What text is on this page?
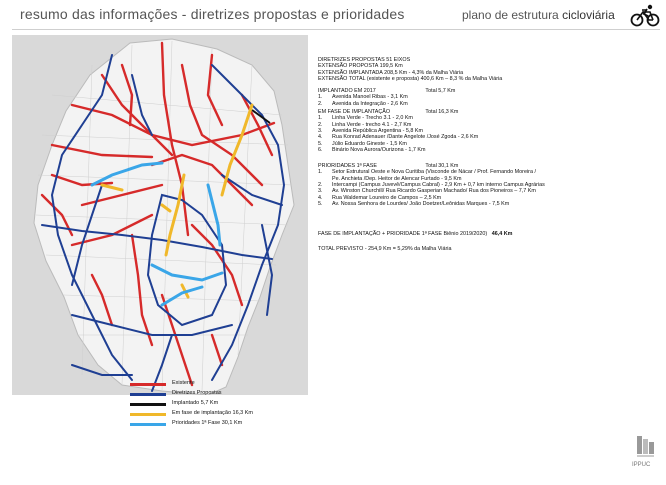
resumo das informações - diretrizes propostas e prioridades	plano de estrutura cicloviária
DIRETRIZES PROPOSTAS 51 EIXOS
EXTENSÃO PROPOSTA 199,5 Km
EXTENSÃO IMPLANTADA 208,5 Km - 4,3% da Malha Viária
EXTENSÃO TOTAL (existente e proposta) 400,6 Km – 8,3 % da Malha Viária
IMPLANTADO EM 2017	Total 5,7 Km
1. Avenida Manoel Ribas - 3,1 Km
2. Avenida da Integração - 2,6 Km
EM FASE DE IMPLANTAÇÃO	Total 16,3 Km
1. Linha Verde - Trecho 3.1 - 2,0 Km
2. Linha Verde - trecho 4.1 - 2,7 Km
3. Avenida República Argentina - 5,8 Km
4. Rua Konrad Adenauer /Dante Angelote /José Zgoda - 2,6 Km
5. Júlio Eduardo Gineste - 1,5 Km
6. Binário Nova Aurora/Ourizona - 1,7 Km
PRIORIDADES 1ª FASE	Total 30,1 Km
1. Setor Estrutural Oeste e Nova Curitiba (Visconde de Nácar / Prof. Fernando Moreira /
Pe. Anchieta /Dep. Heitor de Alencar Furtado - 9,5 Km
2. Intercampi (Campus Juvevê/Campus Cabral) - 2,9 Km + 0,7 km interno Campus Agrárias
3. Av. Winston Churchill/ Rua Ricardo Gasperian Machado/ Rua dos Pioneiros – 7,7 Km
4. Rua Waldemar Loureiro de Campos – 2,5 Km
5. Av. Nossa Senhora de Lourdes/ João Doetzer/Leônidas Marques - 7,5 Km
FASE DE IMPLANTAÇÃO + PRIORIDADE 1ª FASE Biênio 2019/2020) 46,4 Km
TOTAL PREVISTO - 254,9 Km = 5,29% da Malha Viária
Existente
Diretrizes Propostas
Implantado 5,7 Km
Em fase de implantação 16,3 Km
Prioridades 1ª Fase 30,1 Km
IPPUC
